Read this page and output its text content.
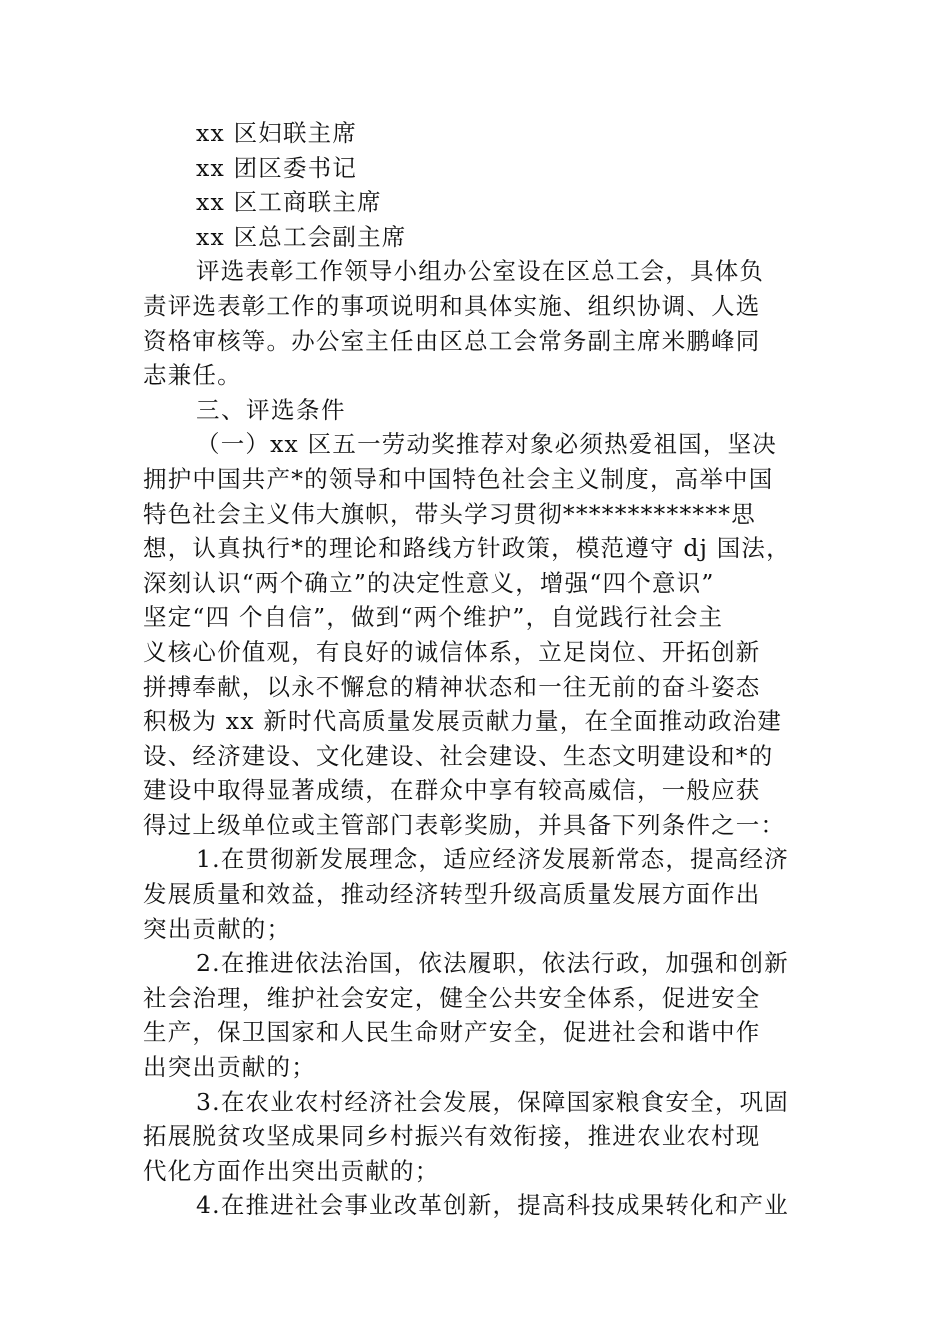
xx 区妇联主席
xx 团区委书记
xx 区工商联主席
xx 区总工会副主席
评选表彰工作领导小组办公室设在区总工会，具体负
责评选表彰工作的事项说明和具体实施、组织协调、人选
资格审核等。办公室主任由区总工会常务副主席米鹏峰同
志兼任。
三、评选条件
（一）xx 区五一劳动奖推荐对象必须热爱祖国，坚决
拥护中国共产*的领导和中国特色社会主义制度，高举中国
特色社会主义伟大旗帜，带头学习贯彻*************思
想，认真执行*的理论和路线方针政策，模范遵守 dj 国法，
深刻认识“两个确立”的决定性意义，增强“四个意识”
坚定“四 个自信”，做到“两个维护”，自觉践行社会主
义核心价值观，有良好的诚信体系，立足岗位、开拓创新
拼搏奉献，以永不懈怠的精神状态和一往无前的奋斗姿态
积极为 xx 新时代高质量发展贡献力量，在全面推动政治建
设、经济建设、文化建设、社会建设、生态文明建设和*的
建设中取得显著成绩，在群众中享有较高威信，一般应获
得过上级单位或主管部门表彰奖励，并具备下列条件之一：
1.在贯彻新发展理念，适应经济发展新常态，提高经济
发展质量和效益，推动经济转型升级高质量发展方面作出
突出贡献的；
2.在推进依法治国，依法履职，依法行政，加强和创新
社会治理，维护社会安定，健全公共安全体系，促进安全
生产，保卫国家和人民生命财产安全，促进社会和谐中作
出突出贡献的；
3.在农业农村经济社会发展，保障国家粮食安全，巩固
拓展脱贫攻坚成果同乡村振兴有效衔接，推进农业农村现
代化方面作出突出贡献的；
4.在推进社会事业改革创新，提高科技成果转化和产业
